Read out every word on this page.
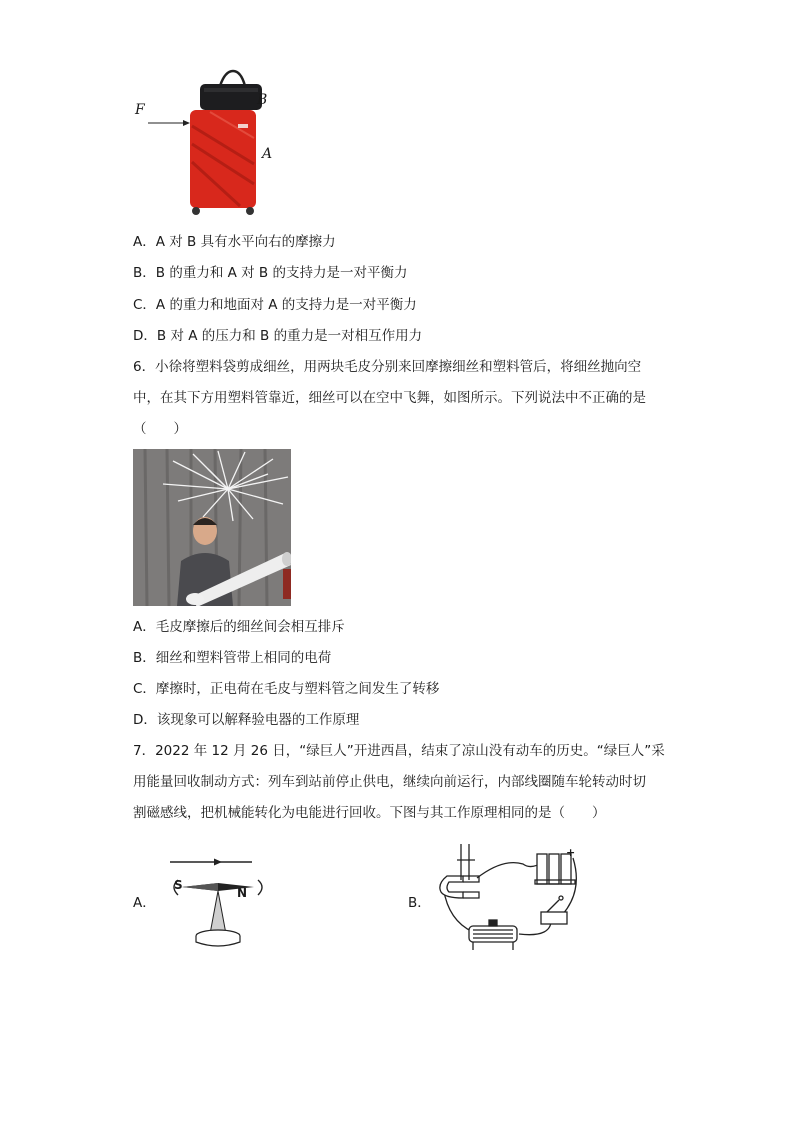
F
B
A
A．A 对 B 具有水平向右的摩擦力
B．B 的重力和 A 对 B 的支持力是一对平衡力
C．A 的重力和地面对 A 的支持力是一对平衡力
D．B 对 A 的压力和 B 的重力是一对相互作用力
6．小徐将塑料袋剪成细丝，用两块毛皮分别来回摩擦细丝和塑料管后，将细丝抛向空
中，在其下方用塑料管靠近，细丝可以在空中飞舞，如图所示。下列说法中不正确的是
（　　）
A．毛皮摩擦后的细丝间会相互排斥
B．细丝和塑料管带上相同的电荷
C．摩擦时，正电荷在毛皮与塑料管之间发生了转移
D．该现象可以解释验电器的工作原理
7．2022 年 12 月 26 日，“绿巨人”开进西昌，结束了凉山没有动车的历史。“绿巨人”采
用能量回收制动方式：列车到站前停止供电，继续向前运行，内部线圈随车轮转动时切
割磁感线，把机械能转化为电能进行回收。下图与其工作原理相同的是（　　）
A．
S
N
B．
+
